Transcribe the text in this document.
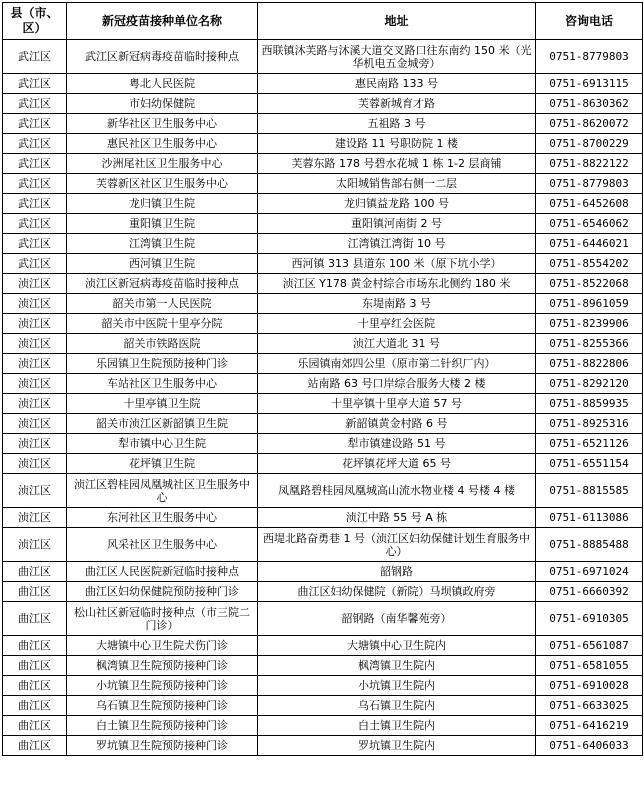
县（市、区）	新冠疫苗接种单位名称	地址	咨询电话
武江区	武江区新冠病毒疫苗临时接种点	西联镇沐芙路与沐溪大道交叉路口往东南约 150 米（光华机电五金城旁）	0751-8779803
武江区	粤北人民医院	惠民南路 133 号	0751-6913115
武江区	市妇幼保健院	芙蓉新城育才路	0751-8630362
武江区	新华社区卫生服务中心	五祖路 3 号	0751-8620072
武江区	惠民社区卫生服务中心	建设路 11 号职防院 1 楼	0751-8700229
武江区	沙洲尾社区卫生服务中心	芙蓉东路 178 号碧水花城 1 栋 1-2 层商铺	0751-8822122
武江区	芙蓉新区社区卫生服务中心	太阳城销售部右侧一二层	0751-8779803
武江区	龙归镇卫生院	龙归镇益龙路 100 号	0751-6452608
武江区	重阳镇卫生院	重阳镇河南街 2 号	0751-6546062
武江区	江湾镇卫生院	江湾镇江湾街 10 号	0751-6446021
武江区	西河镇卫生院	西河镇 313 县道东 100 米（原下坑小学）	0751-8554202
浈江区	浈江区新冠病毒疫苗临时接种点	浈江区 Y178 黄金村综合市场东北侧约 180 米	0751-8522068
浈江区	韶关市第一人民医院	东堤南路 3 号	0751-8961059
浈江区	韶关市中医院十里亭分院	十里亭红会医院	0751-8239906
浈江区	韶关市铁路医院	浈江大道北 31 号	0751-8255366
浈江区	乐园镇卫生院预防接种门诊	乐园镇南郊四公里（原市第二针织厂内）	0751-8822806
浈江区	车站社区卫生服务中心	站南路 63 号口岸综合服务大楼 2 楼	0751-8292120
浈江区	十里亭镇卫生院	十里亭镇十里亭大道 57 号	0751-8859935
浈江区	韶关市浈江区新韶镇卫生院	新韶镇黄金村路 6 号	0751-8925316
浈江区	犁市镇中心卫生院	犁市镇建设路 51 号	0751-6521126
浈江区	花坪镇卫生院	花坪镇花坪大道 65 号	0751-6551154
浈江区	浈江区碧桂园凤凰城社区卫生服务中心	凤凰路碧桂园凤凰城高山流水物业楼 4 号楼 4 楼	0751-8815585
浈江区	东河社区卫生服务中心	浈江中路 55 号 A 栋	0751-6113086
浈江区	风采社区卫生服务中心	西堤北路奋勇巷 1 号（浈江区妇幼保健计划生育服务中心）	0751-8885488
曲江区	曲江区人民医院新冠临时接种点	韶钢路	0751-6971024
曲江区	曲江区妇幼保健院预防接种门诊	曲江区妇幼保健院（新院）马坝镇政府旁	0751-6660392
曲江区	松山社区新冠临时接种点（市三院二门诊）	韶钢路（南华馨苑旁）	0751-6910305
曲江区	大塘镇中心卫生院犬伤门诊	大塘镇中心卫生院内	0751-6561087
曲江区	枫湾镇卫生院预防接种门诊	枫湾镇卫生院内	0751-6581055
曲江区	小坑镇卫生院预防接种门诊	小坑镇卫生院内	0751-6910028
曲江区	乌石镇卫生院预防接种门诊	乌石镇卫生院内	0751-6633025
曲江区	白土镇卫生院预防接种门诊	白土镇卫生院内	0751-6416219
曲江区	罗坑镇卫生院预防接种门诊	罗坑镇卫生院内	0751-6406033
